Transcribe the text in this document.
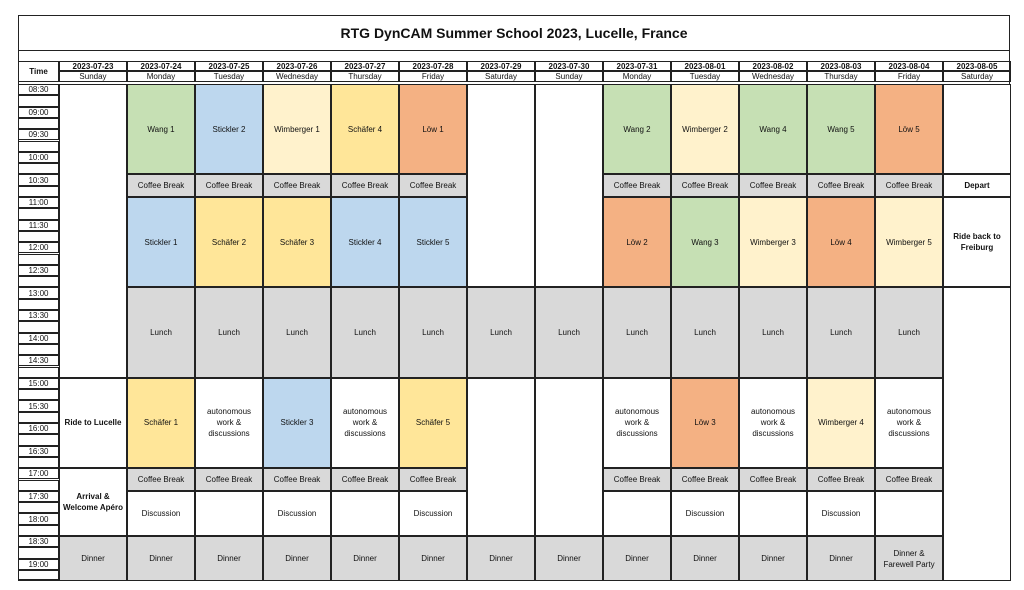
RTG DynCAM Summer School 2023, Lucelle, France
Time
2023-07-23
Sunday
2023-07-24
Monday
2023-07-25
Tuesday
2023-07-26
Wednesday
2023-07-27
Thursday
2023-07-28
Friday
2023-07-29
Saturday
2023-07-30
Sunday
2023-07-31
Monday
2023-08-01
Tuesday
2023-08-02
Wednesday
2023-08-03
Thursday
2023-08-04
Friday
2023-08-05
Saturday
08:30
09:00
09:30
10:00
10:30
11:00
11:30
12:00
12:30
13:00
13:30
14:00
14:30
15:00
15:30
16:00
16:30
17:00
17:30
18:00
18:30
19:00
Ride to Lucelle
Arrival & Welcome Apéro
Dinner
Wang 1
Coffee Break
Stickler 1
Lunch
Schäfer 1
Coffee Break
Discussion
Dinner
Stickler 2
Coffee Break
Schäfer 2
Lunch
autonomous work & discussions
Coffee Break
Dinner
Wimberger 1
Coffee Break
Schäfer 3
Lunch
Stickler 3
Coffee Break
Discussion
Dinner
Schäfer 4
Coffee Break
Stickler 4
Lunch
autonomous work & discussions
Coffee Break
Dinner
Löw 1
Coffee Break
Stickler 5
Lunch
Schäfer 5
Coffee Break
Discussion
Dinner
Lunch
Dinner
Lunch
Dinner
Wang 2
Coffee Break
Löw 2
Lunch
autonomous work & discussions
Coffee Break
Dinner
Wimberger 2
Coffee Break
Wang 3
Lunch
Löw 3
Coffee Break
Discussion
Dinner
Wang 4
Coffee Break
Wimberger 3
Lunch
autonomous work & discussions
Coffee Break
Dinner
Wang 5
Coffee Break
Löw 4
Lunch
Wimberger 4
Coffee Break
Discussion
Dinner
Löw 5
Coffee Break
Wimberger 5
Lunch
autonomous work & discussions
Coffee Break
Dinner & Farewell Party
Depart
Ride back to Freiburg
